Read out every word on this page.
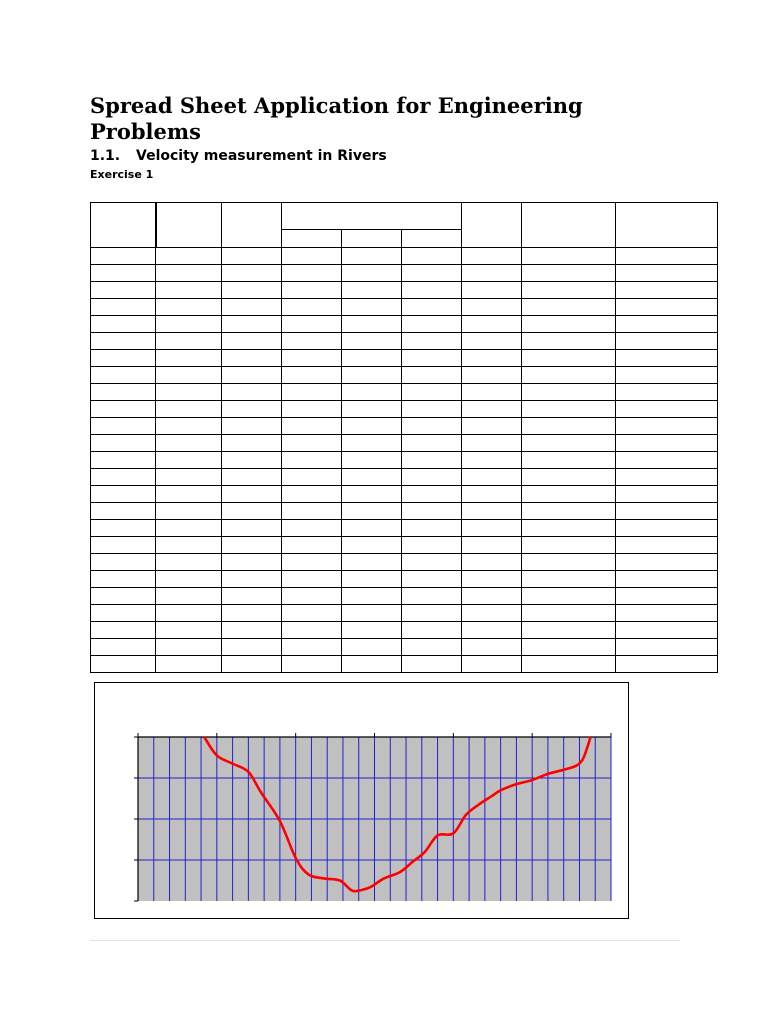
Spread Sheet Application for Engineering Problems
1.1. Velocity measurement in Rivers
Exercise 1
